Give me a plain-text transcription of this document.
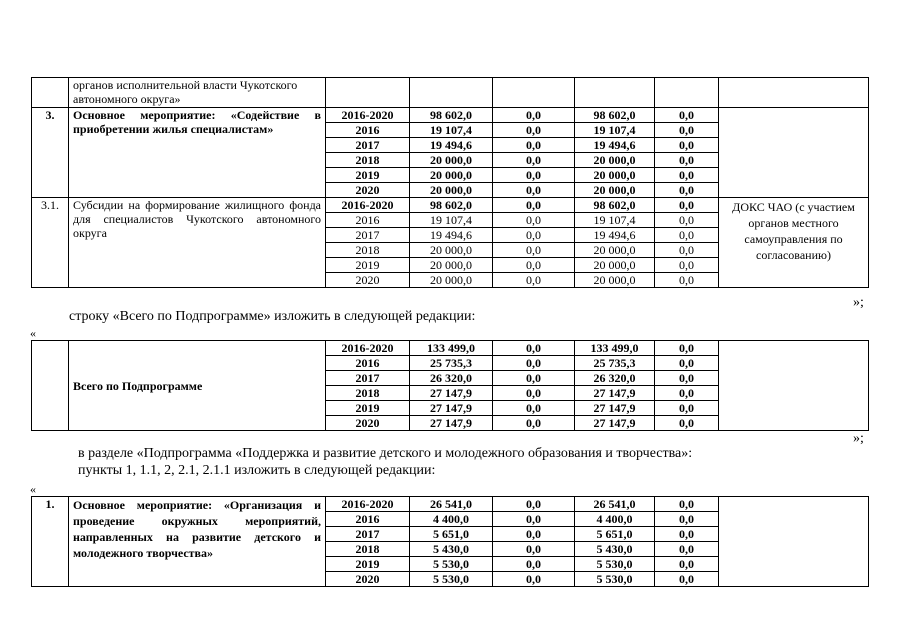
	органов исполнительной власти Чукотского автономного округа»						
3.	Основное мероприятие: «Содействие в приобретении жилья специалистам»	2016-2020	98 602,0	0,0	98 602,0	0,0	
		2016	19 107,4	0,0	19 107,4	0,0	
		2017	19 494,6	0,0	19 494,6	0,0	
		2018	20 000,0	0,0	20 000,0	0,0	
		2019	20 000,0	0,0	20 000,0	0,0	
		2020	20 000,0	0,0	20 000,0	0,0	
3.1.	Субсидии на формирование жилищного фонда для специалистов Чукотского автономного округа	2016-2020	98 602,0	0,0	98 602,0	0,0	ДОКС ЧАО (с участием органов местного самоуправления по согласованию)
		2016	19 107,4	0,0	19 107,4	0,0	
		2017	19 494,6	0,0	19 494,6	0,0	
		2018	20 000,0	0,0	20 000,0	0,0	
		2019	20 000,0	0,0	20 000,0	0,0	
		2020	20 000,0	0,0	20 000,0	0,0	
»;
строку «Всего по Подпрограмме» изложить в следующей редакции:
«
	Всего по Подпрограмме	2016-2020	133 499,0	0,0	133 499,0	0,0	
		2016	25 735,3	0,0	25 735,3	0,0	
		2017	26 320,0	0,0	26 320,0	0,0	
		2018	27 147,9	0,0	27 147,9	0,0	
		2019	27 147,9	0,0	27 147,9	0,0	
		2020	27 147,9	0,0	27 147,9	0,0	
»;
в разделе «Подпрограмма «Поддержка и развитие детского и молодежного образования и творчества»:
пункты 1, 1.1, 2, 2.1, 2.1.1 изложить в следующей редакции:
«
1.	Основное мероприятие: «Организация и проведение окружных мероприятий, направленных на развитие детского и молодежного творчества»	2016-2020	26 541,0	0,0	26 541,0	0,0	
		2016	4 400,0	0,0	4 400,0	0,0	
		2017	5 651,0	0,0	5 651,0	0,0	
		2018	5 430,0	0,0	5 430,0	0,0	
		2019	5 530,0	0,0	5 530,0	0,0	
		2020	5 530,0	0,0	5 530,0	0,0	
